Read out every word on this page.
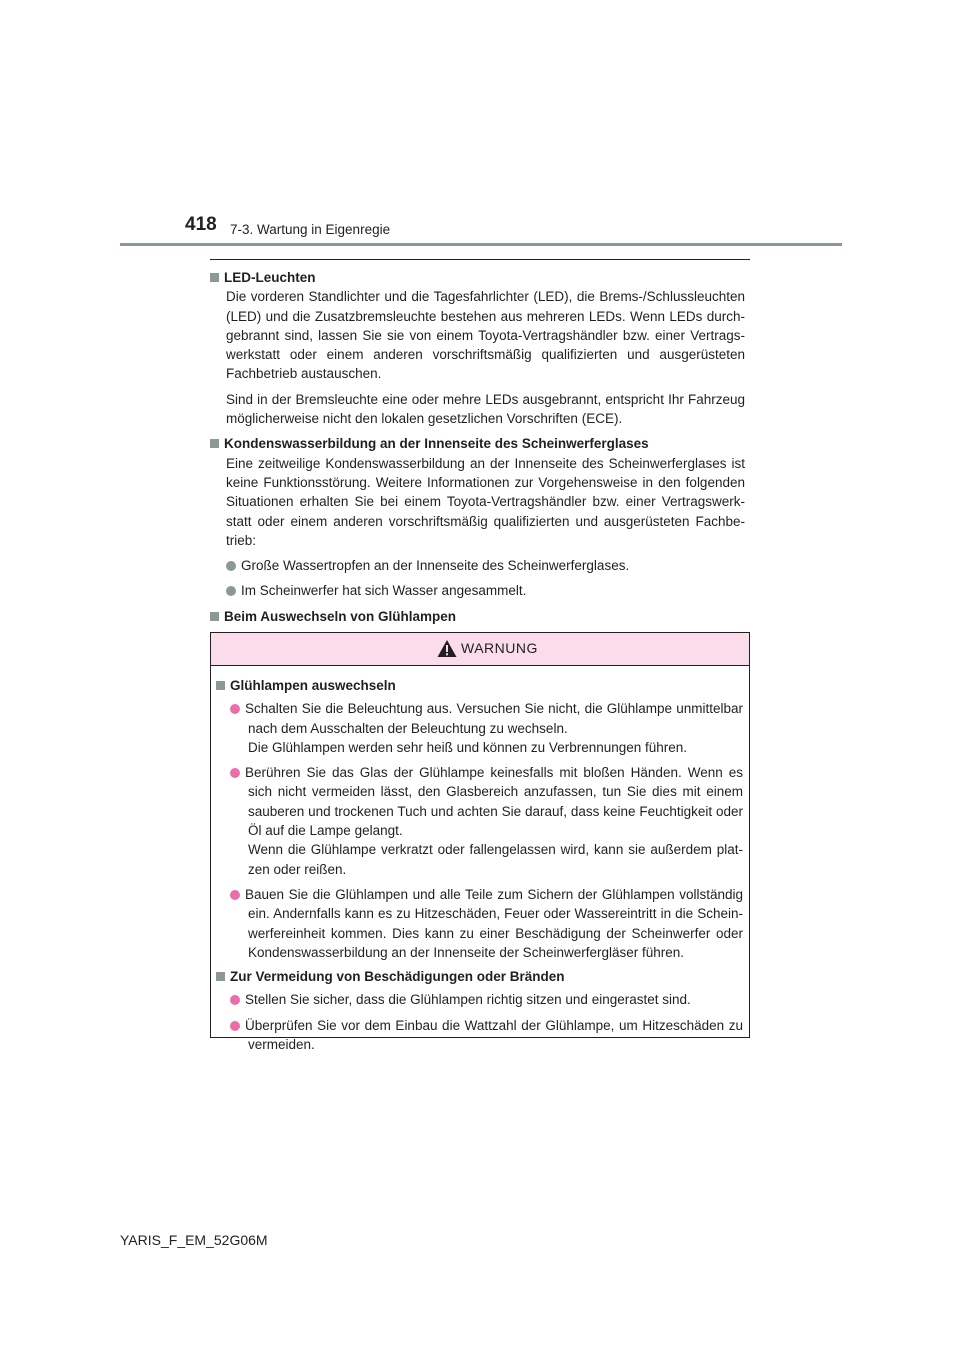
418 7-3. Wartung in Eigenregie
LED-Leuchten

Die vorderen Standlichter und die Tagesfahrlichter (LED), die Brems-/Schlussleuchten (LED) und die Zusatzbremsleuchte bestehen aus mehreren LEDs. Wenn LEDs durchgebrannt sind, lassen Sie sie von einem Toyota-Vertragshändler bzw. einer Vertragswerkstatt oder einem anderen vorschriftsmäßig qualifizierten und ausgerüsteten Fachbetrieb austauschen.

Sind in der Bremsleuchte eine oder mehre LEDs ausgebrannt, entspricht Ihr Fahrzeug möglicherweise nicht den lokalen gesetzlichen Vorschriften (ECE).

Kondenswasserbildung an der Innenseite des Scheinwerferglases

Eine zeitweilige Kondenswasserbildung an der Innenseite des Scheinwerferglases ist keine Funktionsstörung. Weitere Informationen zur Vorgehensweise in den folgenden Situationen erhalten Sie bei einem Toyota-Vertragshändler bzw. einer Vertragswerkstatt oder einem anderen vorschriftsmäßig qualifizierten und ausgerüsteten Fachbetrieb:

Große Wassertropfen an der Innenseite des Scheinwerferglases.
Im Scheinwerfer hat sich Wasser angesammelt.
Beim Auswechseln von Glühlampen
WARNUNG
Glühlampen auswechseln
Schalten Sie die Beleuchtung aus. Versuchen Sie nicht, die Glühlampe unmittelbar nach dem Ausschalten der Beleuchtung zu wechseln.
Die Glühlampen werden sehr heiß und können zu Verbrennungen führen.
Berühren Sie das Glas der Glühlampe keinesfalls mit bloßen Händen. Wenn es sich nicht vermeiden lässt, den Glasbereich anzufassen, tun Sie dies mit einem sauberen und trockenen Tuch und achten Sie darauf, dass keine Feuchtigkeit oder Öl auf die Lampe gelangt.
Wenn die Glühlampe verkratzt oder fallengelassen wird, kann sie außerdem platzen oder reißen.
Bauen Sie die Glühlampen und alle Teile zum Sichern der Glühlampen vollständig ein. Andernfalls kann es zu Hitzeschäden, Feuer oder Wassereintritt in die Scheinwerfereinheit kommen. Dies kann zu einer Beschädigung der Scheinwerfer oder Kondenswasserbildung an der Innenseite der Scheinwerfergläser führen.
Zur Vermeidung von Beschädigungen oder Bränden
Stellen Sie sicher, dass die Glühlampen richtig sitzen und eingerastet sind.
Überprüfen Sie vor dem Einbau die Wattzahl der Glühlampe, um Hitzeschäden zu vermeiden.
YARIS_F_EM_52G06M
